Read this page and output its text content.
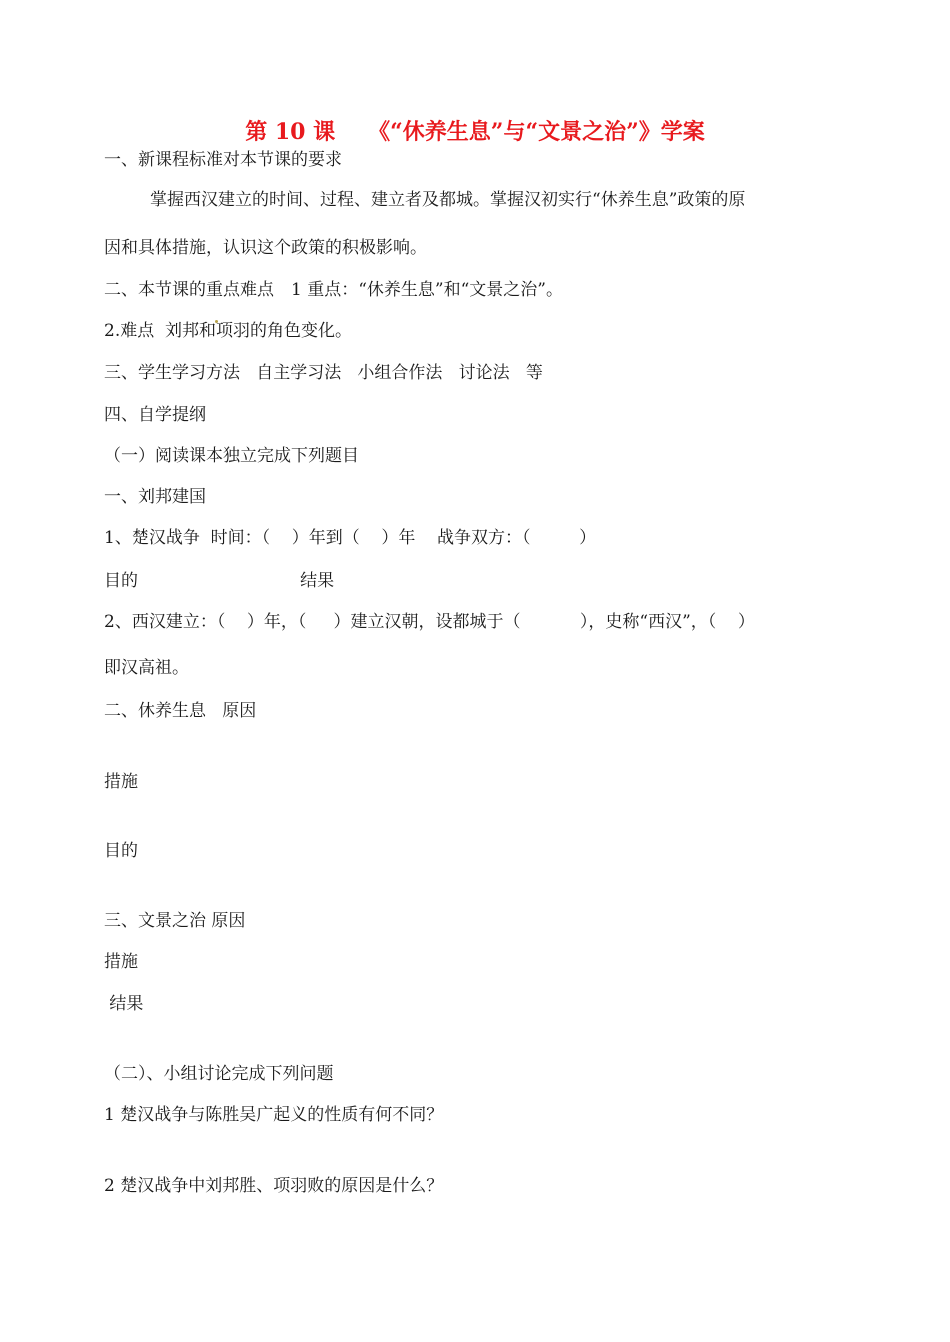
第 10 课　　《“休养生息”与“文景之治”》学案
一、新课程标准对本节课的要求
掌握西汉建立的时间、过程、建立者及都城。掌握汉初实行“休养生息”政策的原
因和具体措施，认识这个政策的积极影响。
二、本节课的重点难点　1 重点：“休养生息”和“文景之治”。
2.难点  刘邦和项羽的角色变化。
三、学生学习方法   自主学习法   小组合作法   讨论法   等
四、自学提纲
（一）阅读课本独立完成下列题目
一、刘邦建国
1、楚汉战争  时间：（    ）年到（    ）年    战争双方：（         ）
目的                              结果
2、西汉建立：（    ）年，（     ）建立汉朝，设都城于（           ），史称“西汉”，（    ）
即汉高祖。
二、休养生息   原因
措施
目的
三、文景之治 原因
措施
结果
（二）、小组讨论完成下列问题
1 楚汉战争与陈胜吴广起义的性质有何不同？
2 楚汉战争中刘邦胜、项羽败的原因是什么？
